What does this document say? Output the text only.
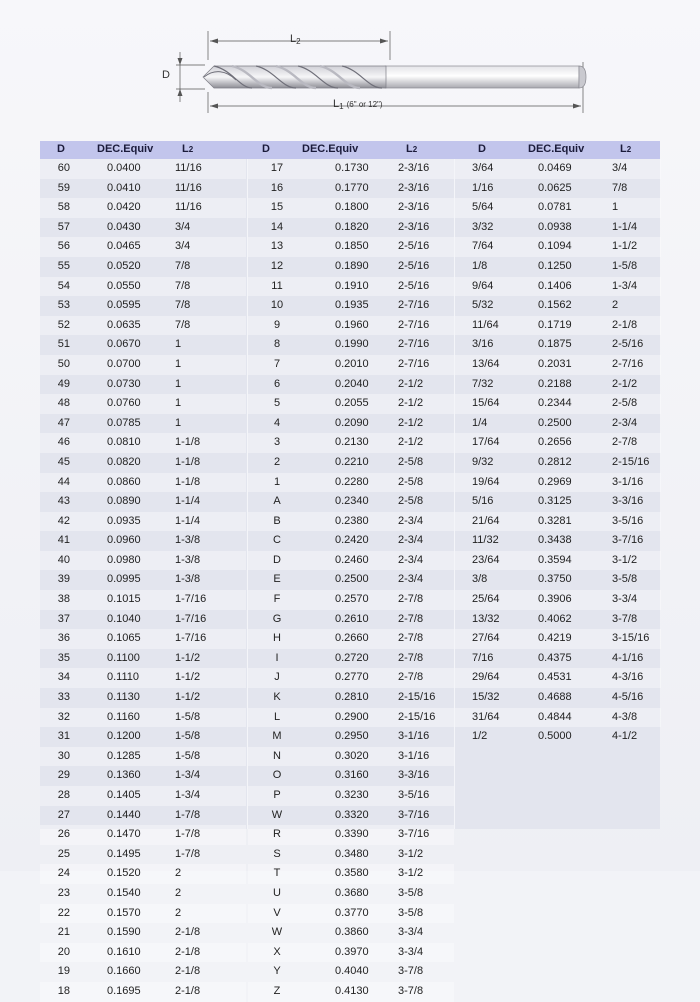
$L_2$
D
$L_1$ (6" or 12")
D	DEC.Equiv	L 2	D	DEC.Equiv	L 2	D	DEC.Equiv	L 2
60	0.0400	11/16
59	0.0410	11/16
58	0.0420	11/16
57	0.0430	3/4
56	0.0465	3/4
55	0.0520	7/8
54	0.0550	7/8
53	0.0595	7/8
52	0.0635	7/8
51	0.0670	1
50	0.0700	1
49	0.0730	1
48	0.0760	1
47	0.0785	1
46	0.0810	1-1/8
45	0.0820	1-1/8
44	0.0860	1-1/8
43	0.0890	1-1/4
42	0.0935	1-1/4
41	0.0960	1-3/8
40	0.0980	1-3/8
39	0.0995	1-3/8
38	0.1015	1-7/16
37	0.1040	1-7/16
36	0.1065	1-7/16
35	0.1100	1-1/2
34	0.1110	1-1/2
33	0.1130	1-1/2
32	0.1160	1-5/8
31	0.1200	1-5/8
30	0.1285	1-5/8
29	0.1360	1-3/4
28	0.1405	1-3/4
27	0.1440	1-7/8
26	0.1470	1-7/8
25	0.1495	1-7/8
24	0.1520	2
23	0.1540	2
22	0.1570	2
21	0.1590	2-1/8
20	0.1610	2-1/8
19	0.1660	2-1/8
18	0.1695	2-1/8
17	0.1730	2-3/16
16	0.1770	2-3/16
15	0.1800	2-3/16
14	0.1820	2-3/16
13	0.1850	2-5/16
12	0.1890	2-5/16
11	0.1910	2-5/16
10	0.1935	2-7/16
9	0.1960	2-7/16
8	0.1990	2-7/16
7	0.2010	2-7/16
6	0.2040	2-1/2
5	0.2055	2-1/2
4	0.2090	2-1/2
3	0.2130	2-1/2
2	0.2210	2-5/8
1	0.2280	2-5/8
A	0.2340	2-5/8
B	0.2380	2-3/4
C	0.2420	2-3/4
D	0.2460	2-3/4
E	0.2500	2-3/4
F	0.2570	2-7/8
G	0.2610	2-7/8
H	0.2660	2-7/8
I	0.2720	2-7/8
J	0.2770	2-7/8
K	0.2810	2-15/16
L	0.2900	2-15/16
M	0.2950	3-1/16
N	0.3020	3-1/16
O	0.3160	3-3/16
P	0.3230	3-5/16
W	0.3320	3-7/16
R	0.3390	3-7/16
S	0.3480	3-1/2
T	0.3580	3-1/2
U	0.3680	3-5/8
V	0.3770	3-5/8
W	0.3860	3-3/4
X	0.3970	3-3/4
Y	0.4040	3-7/8
Z	0.4130	3-7/8
3/64	0.0469	3/4
1/16	0.0625	7/8
5/64	0.0781	1
3/32	0.0938	1-1/4
7/64	0.1094	1-1/2
1/8	0.1250	1-5/8
9/64	0.1406	1-3/4
5/32	0.1562	2
11/64	0.1719	2-1/8
3/16	0.1875	2-5/16
13/64	0.2031	2-7/16
7/32	0.2188	2-1/2
15/64	0.2344	2-5/8
1/4	0.2500	2-3/4
17/64	0.2656	2-7/8
9/32	0.2812	2-15/16
19/64	0.2969	3-1/16
5/16	0.3125	3-3/16
21/64	0.3281	3-5/16
11/32	0.3438	3-7/16
23/64	0.3594	3-1/2
3/8	0.3750	3-5/8
25/64	0.3906	3-3/4
13/32	0.4062	3-7/8
27/64	0.4219	3-15/16
7/16	0.4375	4-1/16
29/64	0.4531	4-3/16
15/32	0.4688	4-5/16
31/64	0.4844	4-3/8
1/2	0.5000	4-1/2
